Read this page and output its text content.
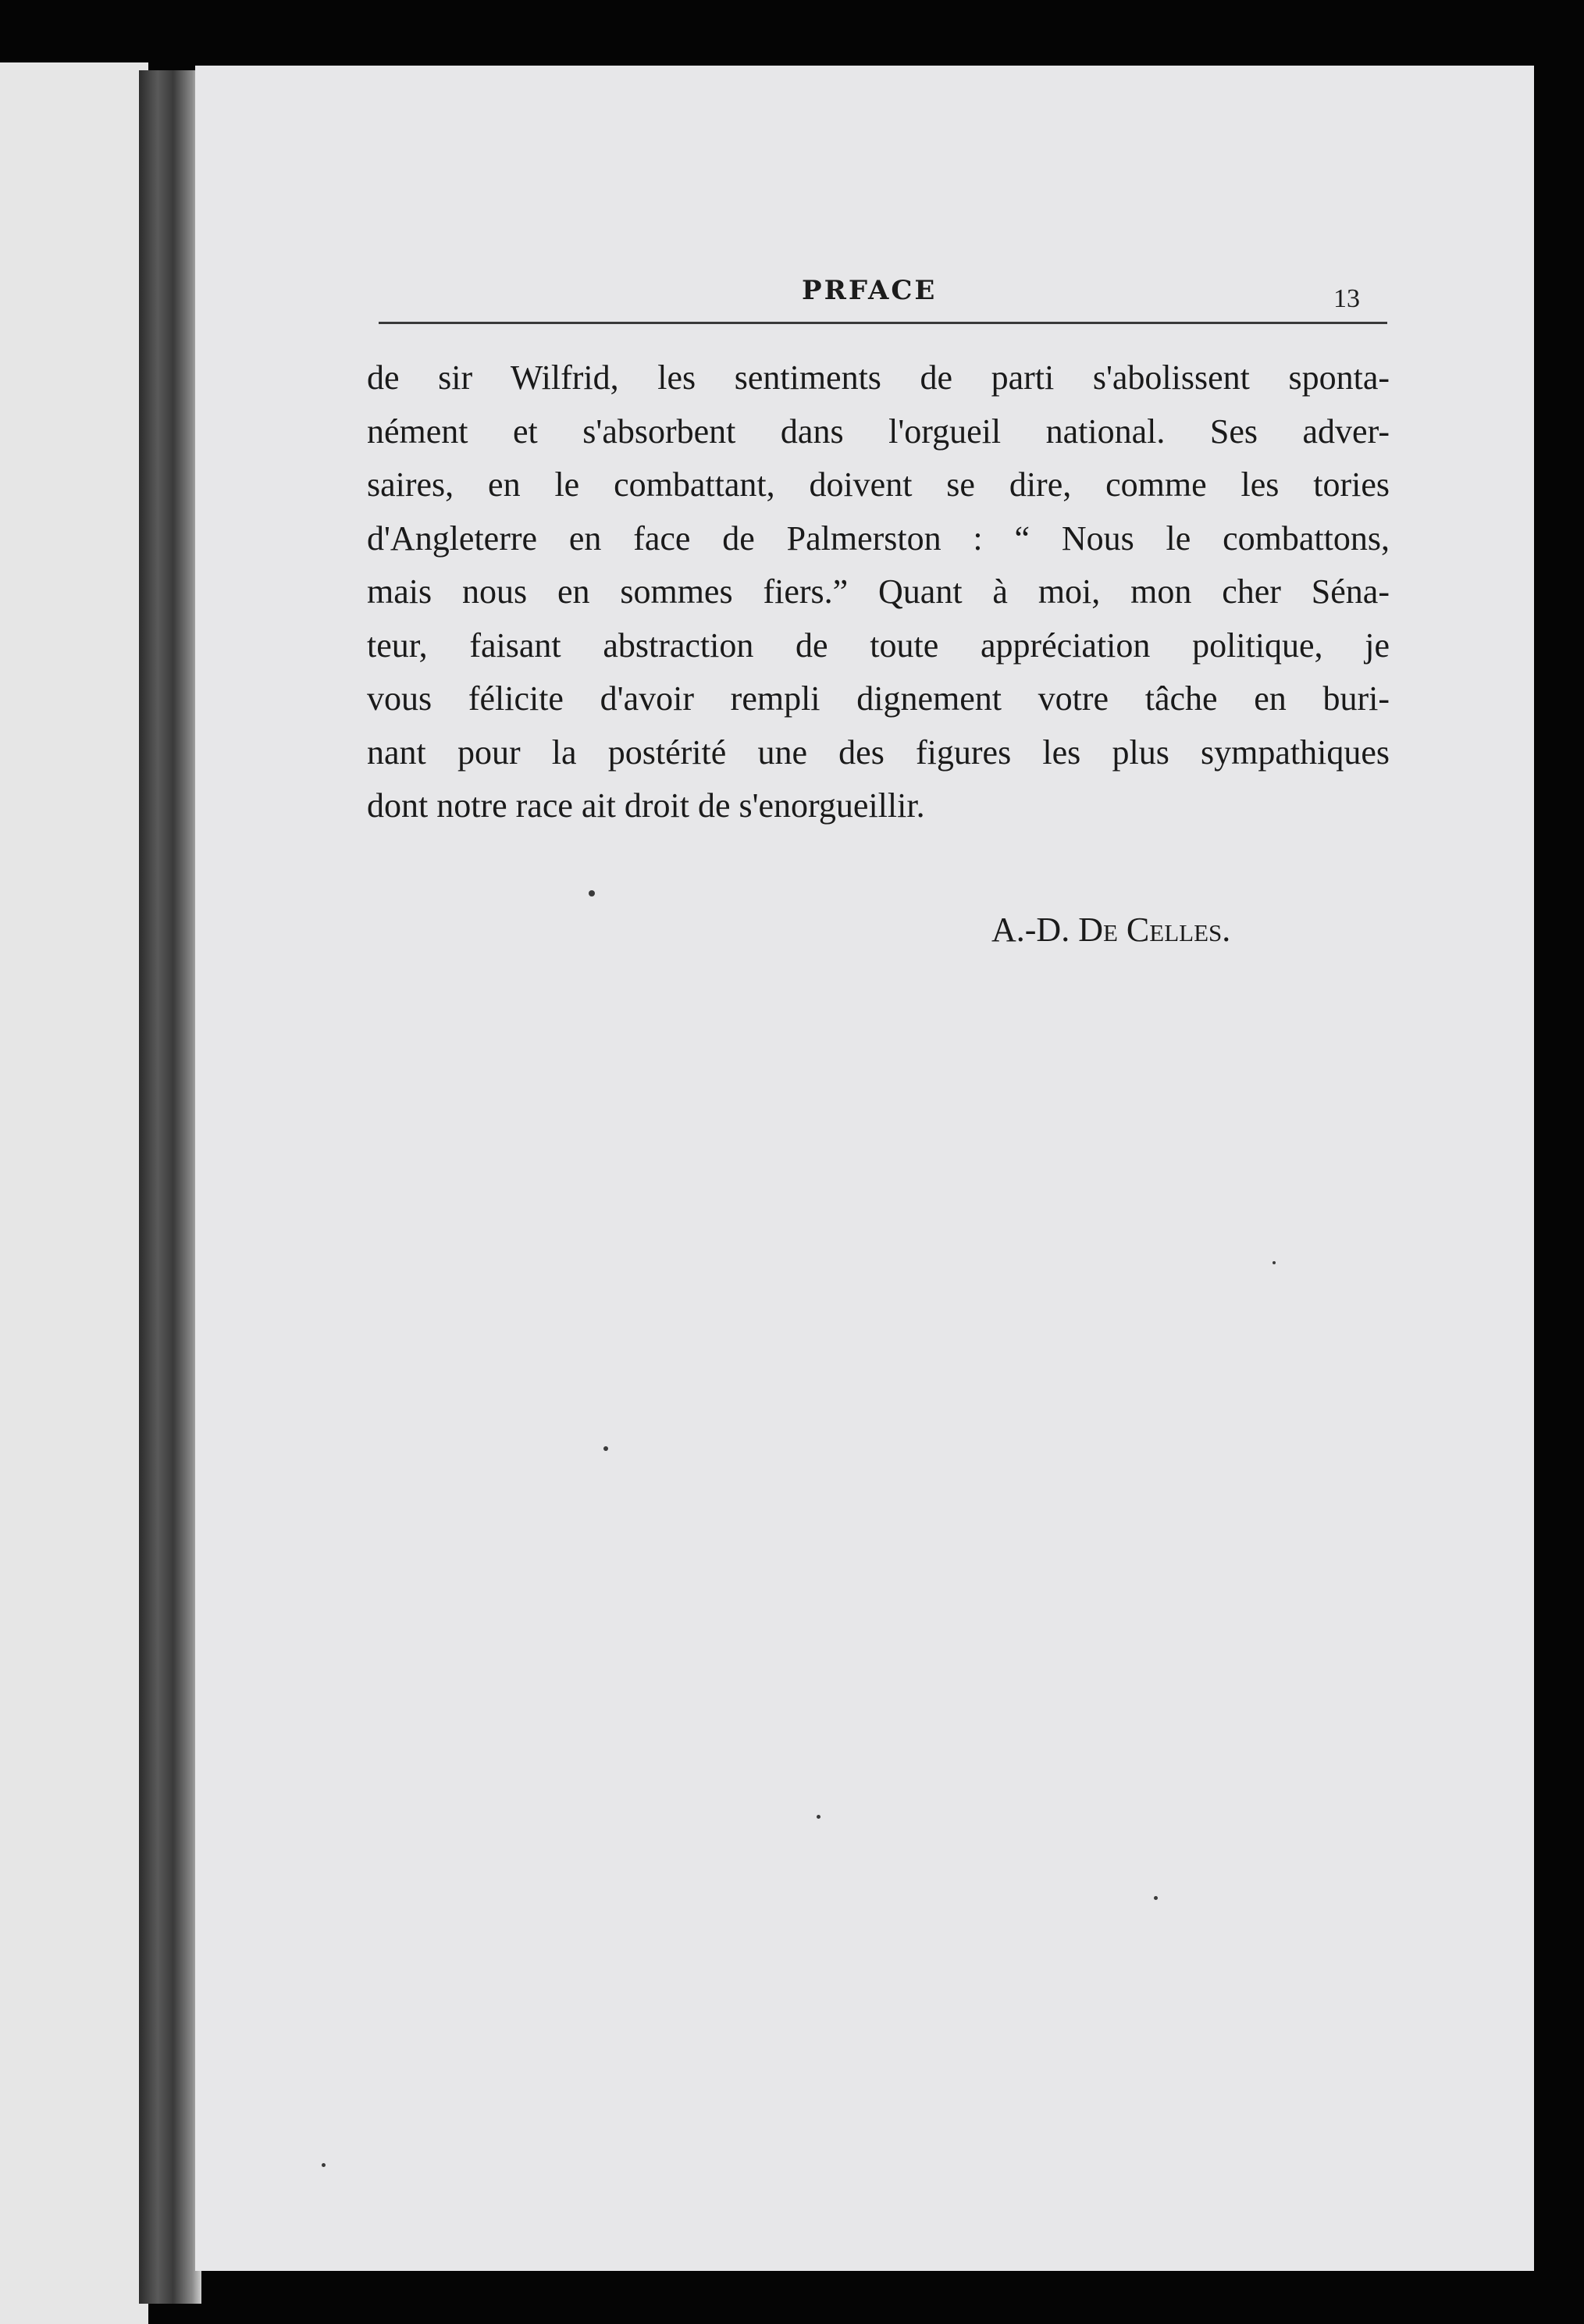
PRFACE	13
de sir Wilfrid, les sentiments de parti s'abolissent sponta-
nément et s'absorbent dans l'orgueil national. Ses adver-
saires, en le combattant, doivent se dire, comme les tories
d'Angleterre en face de Palmerston : “ Nous le combattons,
mais nous en sommes fiers.” Quant à moi, mon cher Séna-
teur, faisant abstraction de toute appréciation politique, je
vous félicite d'avoir rempli dignement votre tâche en buri-
nant pour la postérité une des figures les plus sympathiques
dont notre race ait droit de s'enorgueillir.
A.-D. De Celles.
